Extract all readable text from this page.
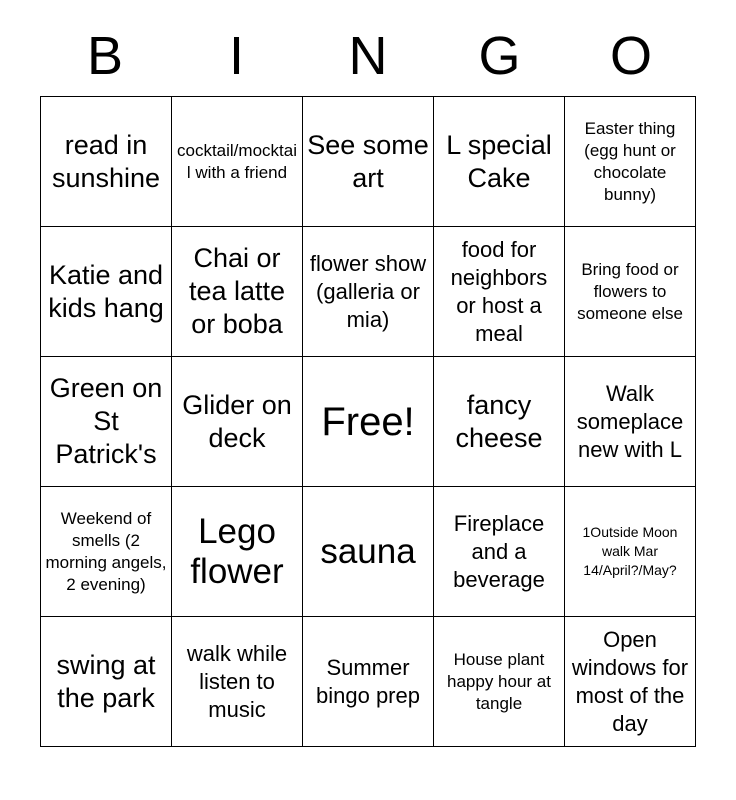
B	I	N	G	O
read in sunshine	cocktail/mocktail with a friend	See some art	L special Cake	Easter thing (egg hunt or chocolate bunny)
Katie and kids hang	Chai or tea latte or boba	flower show (galleria or mia)	food for neighbors or host a meal	Bring food or flowers to someone else
Green on St Patrick's	Glider on deck	Free!	fancy cheese	Walk someplace new with L
Weekend of smells (2 morning angels, 2 evening)	Lego flower	sauna	Fireplace and a beverage	1Outside Moon walk Mar 14/April?/May?
swing at the park	walk while listen to music	Summer bingo prep	House plant happy hour at tangle	Open windows for most of the day
